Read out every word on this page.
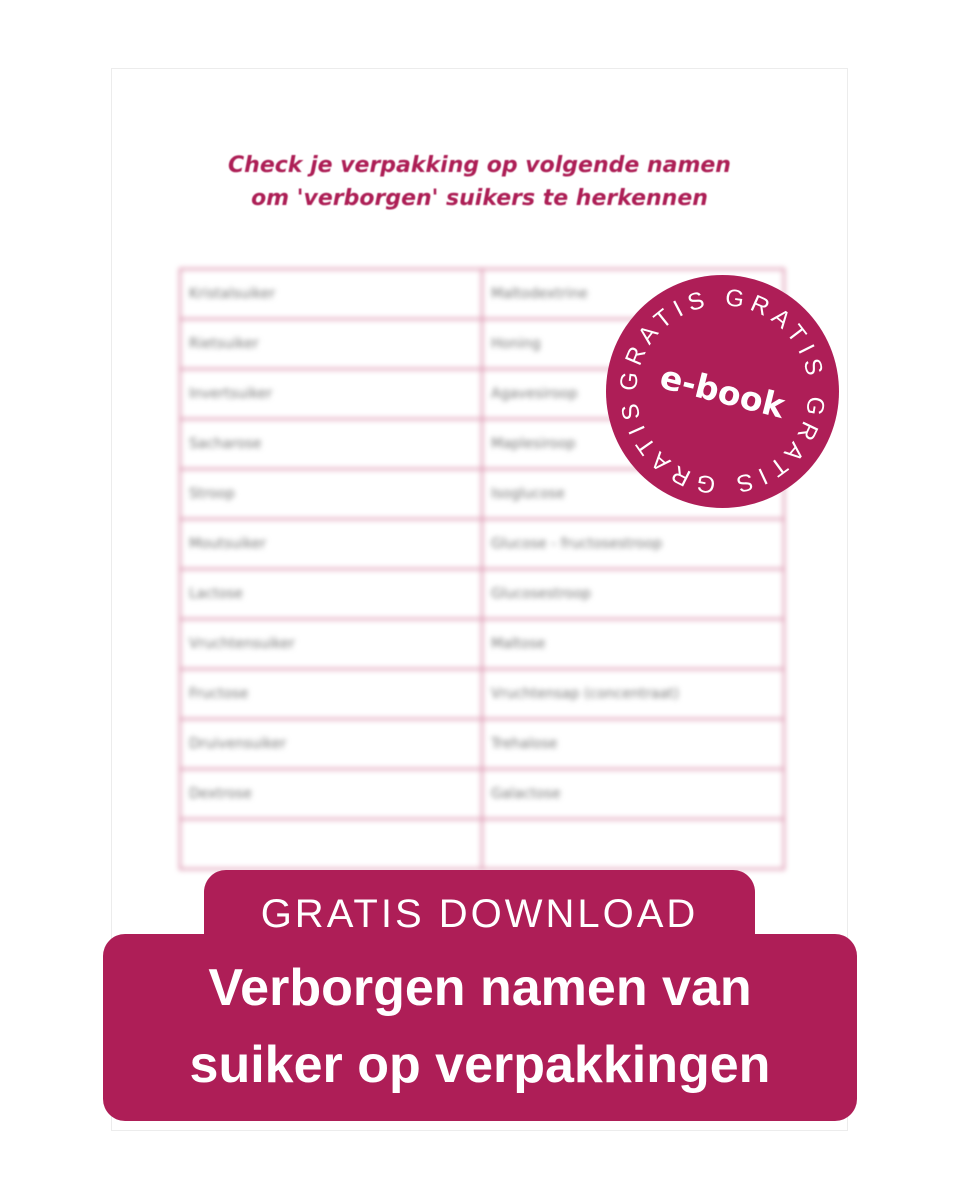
Check je verpakking op volgende namen
om 'verborgen' suikers te herkennen
Kristalsuiker	Maltodextrine
Rietsuiker	Honing
Invertsuiker	Agavesiroop
Sacharose	Maplesiroop
Stroop	Isoglucose
Moutsuiker	Glucose - fructosestroop
Lactose	Glucosestroop
Vruchtensuiker	Maltose
Fructose	Vruchtensap (concentraat)
Druivensuiker	Trehalose
Dextrose	Galactose

GRATIS GRATIS GRATIS GRATIS e-book
GRATIS DOWNLOAD
Verborgen namen van
suiker op verpakkingen
